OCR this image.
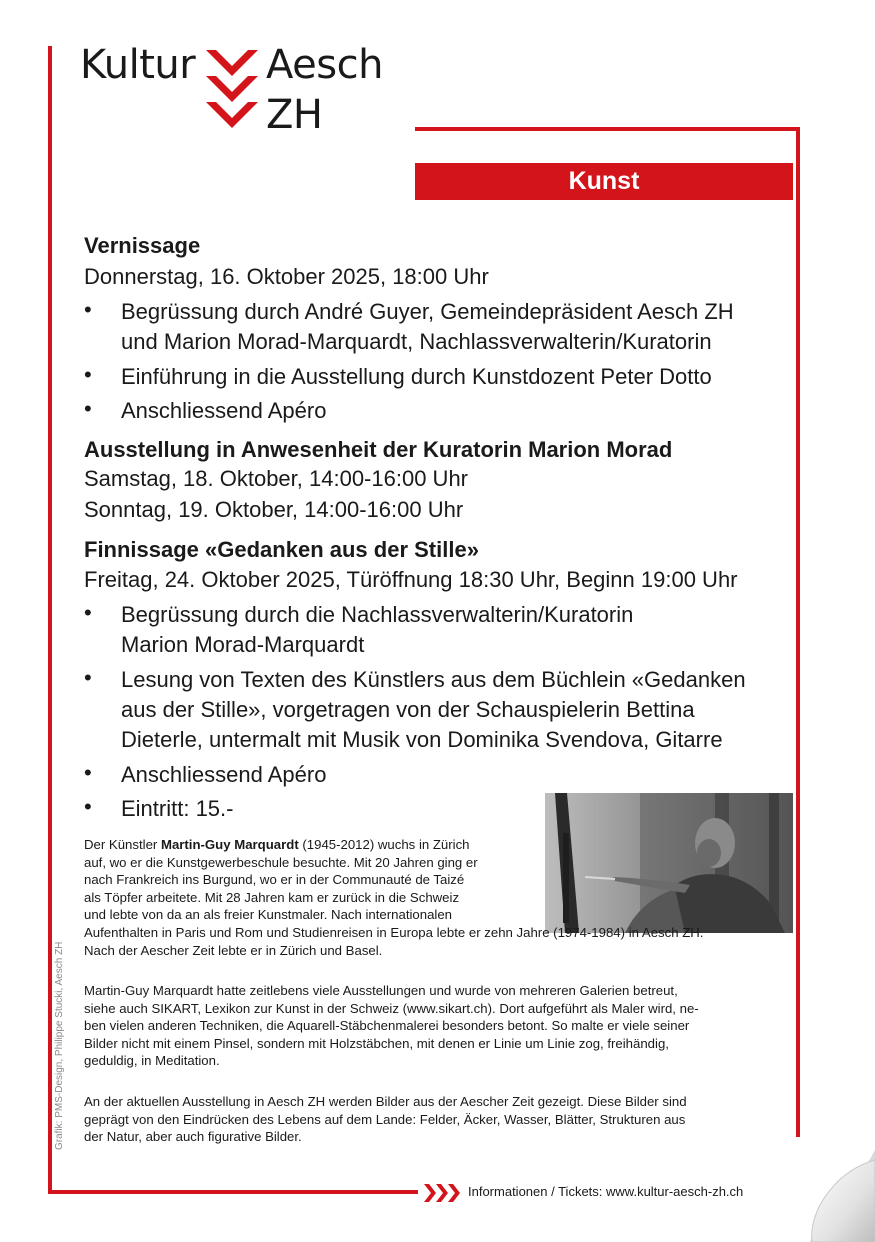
Kultur Aesch
ZH
Kunst
Vernissage
Donnerstag, 16. Oktober 2025, 18:00 Uhr
• Begrüssung durch André Guyer, Gemeindepräsident Aesch ZH
und Marion Morad-Marquardt, Nachlassverwalterin/Kuratorin
• Einführung in die Ausstellung durch Kunstdozent Peter Dotto
• Anschliessend Apéro
Ausstellung in Anwesenheit der Kuratorin Marion Morad
Samstag, 18. Oktober, 14:00-16:00 Uhr
Sonntag, 19. Oktober, 14:00-16:00 Uhr
Finnissage «Gedanken aus der Stille»
Freitag, 24. Oktober 2025, Türöffnung 18:30 Uhr, Beginn 19:00 Uhr
• Begrüssung durch die Nachlassverwalterin/Kuratorin
Marion Morad-Marquardt
• Lesung von Texten des Künstlers aus dem Büchlein «Gedanken
aus der Stille», vorgetragen von der Schauspielerin Bettina
Dieterle, untermalt mit Musik von Dominika Svendova, Gitarre
• Anschliessend Apéro
• Eintritt: 15.-
Der Künstler Martin-Guy Marquardt (1945-2012) wuchs in Zürich
auf, wo er die Kunstgewerbeschule besuchte. Mit 20 Jahren ging er
nach Frankreich ins Burgund, wo er in der Communauté de Taizé
als Töpfer arbeitete. Mit 28 Jahren kam er zurück in die Schweiz
und lebte von da an als freier Kunstmaler. Nach internationalen
Aufenthalten in Paris und Rom und Studienreisen in Europa lebte er zehn Jahre (1974-1984) in Aesch ZH.
Nach der Aescher Zeit lebte er in Zürich und Basel.
Martin-Guy Marquardt hatte zeitlebens viele Ausstellungen und wurde von mehreren Galerien betreut,
siehe auch SIKART, Lexikon zur Kunst in der Schweiz (www.sikart.ch). Dort aufgeführt als Maler wird, ne-
ben vielen anderen Techniken, die Aquarell-Stäbchenmalerei besonders betont. So malte er viele seiner
Bilder nicht mit einem Pinsel, sondern mit Holzstäbchen, mit denen er Linie um Linie zog, freihändig,
geduldig, in Meditation.
An der aktuellen Ausstellung in Aesch ZH werden Bilder aus der Aescher Zeit gezeigt. Diese Bilder sind
geprägt von den Eindrücken des Lebens auf dem Lande: Felder, Äcker, Wasser, Blätter, Strukturen aus
der Natur, aber auch figurative Bilder.
Grafik: PMS-Design, Philippe Stucki, Aesch ZH
Informationen / Tickets: www.kultur-aesch-zh.ch
